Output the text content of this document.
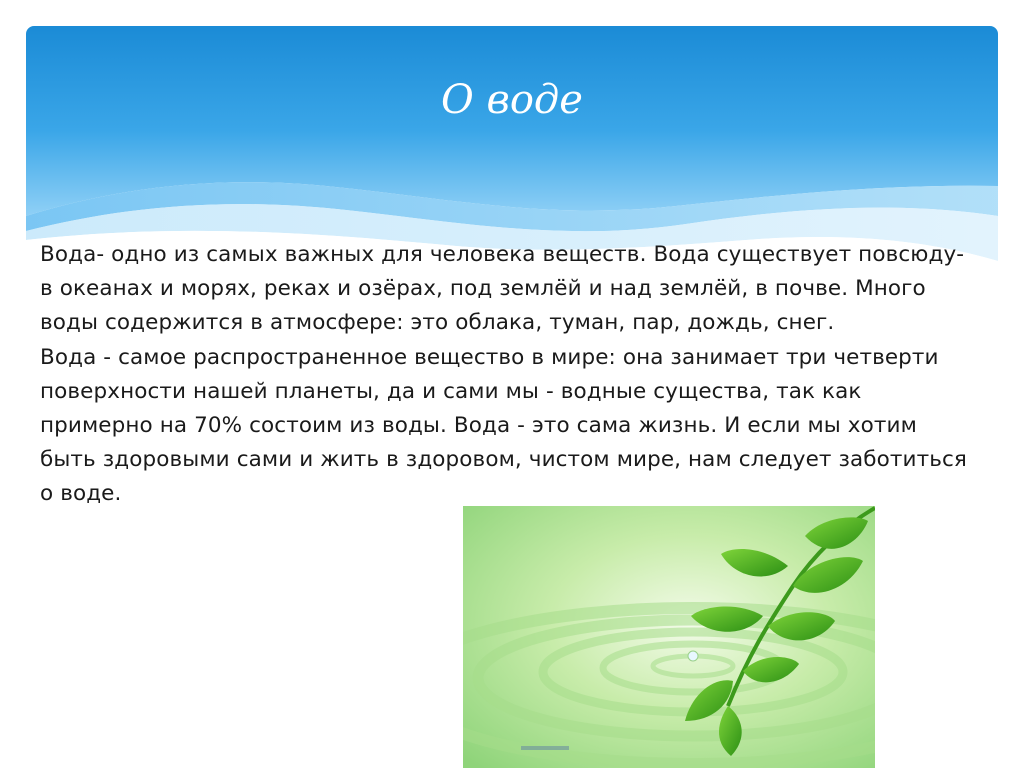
О воде

Вода- одно из самых важных для человека веществ. Вода существует повсюду- в океанах и морях, реках и озёрах, под землёй и над землёй, в почве. Много воды содержится в атмосфере: это облака, туман, пар, дождь, снег.

Вода - самое распространенное вещество в мире: она занимает три четверти поверхности нашей планеты, да и сами мы - водные существа, так как примерно на 70% состоим из воды. Вода - это сама жизнь. И если мы хотим быть здоровыми сами и жить в здоровом, чистом мире, нам следует заботиться о воде.
